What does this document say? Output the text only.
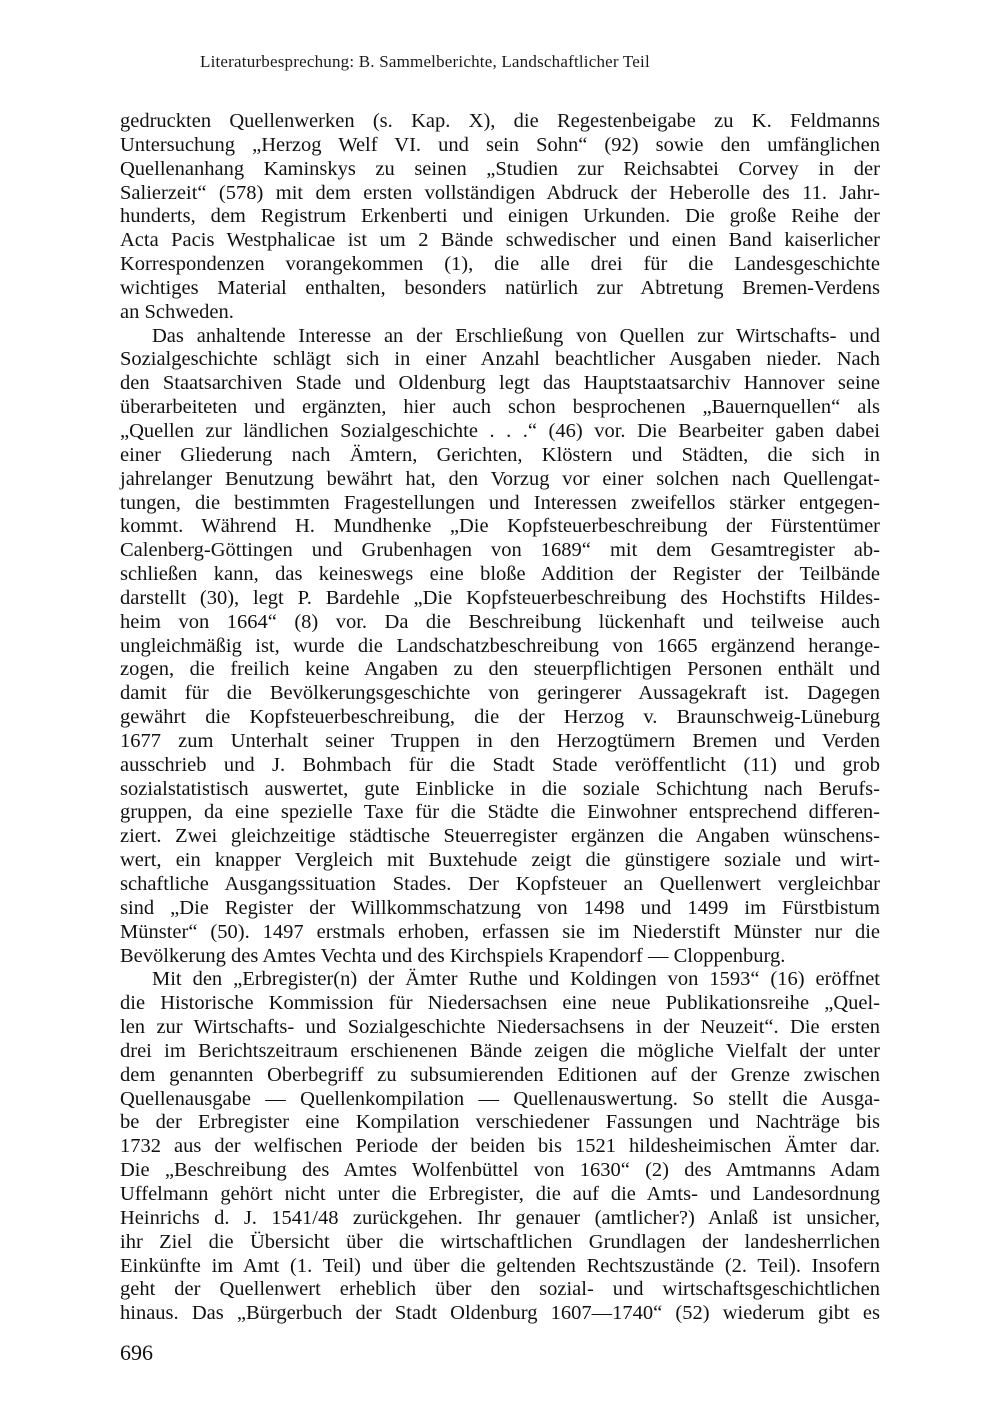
Literaturbesprechung: B. Sammelberichte, Landschaftlicher Teil
gedruckten Quellenwerken (s. Kap. X), die Regestenbeigabe zu K. Feldmanns
Untersuchung „Herzog Welf VI. und sein Sohn“ (92) sowie den umfänglichen
Quellenanhang Kaminskys zu seinen „Studien zur Reichsabtei Corvey in der
Salierzeit“ (578) mit dem ersten vollständigen Abdruck der Heberolle des 11. Jahr-
hunderts, dem Registrum Erkenberti und einigen Urkunden. Die große Reihe der
Acta Pacis Westphalicae ist um 2 Bände schwedischer und einen Band kaiserlicher
Korrespondenzen vorangekommen (1), die alle drei für die Landesgeschichte
wichtiges Material enthalten, besonders natürlich zur Abtretung Bremen-Verdens
an Schweden.
Das anhaltende Interesse an der Erschließung von Quellen zur Wirtschafts- und
Sozialgeschichte schlägt sich in einer Anzahl beachtlicher Ausgaben nieder. Nach
den Staatsarchiven Stade und Oldenburg legt das Hauptstaatsarchiv Hannover seine
überarbeiteten und ergänzten, hier auch schon besprochenen „Bauernquellen“ als
„Quellen zur ländlichen Sozialgeschichte . . .“ (46) vor. Die Bearbeiter gaben dabei
einer Gliederung nach Ämtern, Gerichten, Klöstern und Städten, die sich in
jahrelanger Benutzung bewährt hat, den Vorzug vor einer solchen nach Quellengat-
tungen, die bestimmten Fragestellungen und Interessen zweifellos stärker entgegen-
kommt. Während H. Mundhenke „Die Kopfsteuerbeschreibung der Fürstentümer
Calenberg-Göttingen und Grubenhagen von 1689“ mit dem Gesamtregister ab-
schließen kann, das keineswegs eine bloße Addition der Register der Teilbände
darstellt (30), legt P. Bardehle „Die Kopfsteuerbeschreibung des Hochstifts Hildes-
heim von 1664“ (8) vor. Da die Beschreibung lückenhaft und teilweise auch
ungleichmäßig ist, wurde die Landschatzbeschreibung von 1665 ergänzend herange-
zogen, die freilich keine Angaben zu den steuerpflichtigen Personen enthält und
damit für die Bevölkerungsgeschichte von geringerer Aussagekraft ist. Dagegen
gewährt die Kopfsteuerbeschreibung, die der Herzog v. Braunschweig-Lüneburg
1677 zum Unterhalt seiner Truppen in den Herzogtümern Bremen und Verden
ausschrieb und J. Bohmbach für die Stadt Stade veröffentlicht (11) und grob
sozialstatistisch auswertet, gute Einblicke in die soziale Schichtung nach Berufs-
gruppen, da eine spezielle Taxe für die Städte die Einwohner entsprechend differen-
ziert. Zwei gleichzeitige städtische Steuerregister ergänzen die Angaben wünschens-
wert, ein knapper Vergleich mit Buxtehude zeigt die günstigere soziale und wirt-
schaftliche Ausgangssituation Stades. Der Kopfsteuer an Quellenwert vergleichbar
sind „Die Register der Willkommschatzung von 1498 und 1499 im Fürstbistum
Münster“ (50). 1497 erstmals erhoben, erfassen sie im Niederstift Münster nur die
Bevölkerung des Amtes Vechta und des Kirchspiels Krapendorf — Cloppenburg.
Mit den „Erbregister(n) der Ämter Ruthe und Koldingen von 1593“ (16) eröffnet
die Historische Kommission für Niedersachsen eine neue Publikationsreihe „Quel-
len zur Wirtschafts- und Sozialgeschichte Niedersachsens in der Neuzeit“. Die ersten
drei im Berichtszeitraum erschienenen Bände zeigen die mögliche Vielfalt der unter
dem genannten Oberbegriff zu subsumierenden Editionen auf der Grenze zwischen
Quellenausgabe — Quellenkompilation — Quellenauswertung. So stellt die Ausga-
be der Erbregister eine Kompilation verschiedener Fassungen und Nachträge bis
1732 aus der welfischen Periode der beiden bis 1521 hildesheimischen Ämter dar.
Die „Beschreibung des Amtes Wolfenbüttel von 1630“ (2) des Amtmanns Adam
Uffelmann gehört nicht unter die Erbregister, die auf die Amts- und Landesordnung
Heinrichs d. J. 1541/48 zurückgehen. Ihr genauer (amtlicher?) Anlaß ist unsicher,
ihr Ziel die Übersicht über die wirtschaftlichen Grundlagen der landesherrlichen
Einkünfte im Amt (1. Teil) und über die geltenden Rechtszustände (2. Teil). Insofern
geht der Quellenwert erheblich über den sozial- und wirtschaftsgeschichtlichen
hinaus. Das „Bürgerbuch der Stadt Oldenburg 1607—1740“ (52) wiederum gibt es
696
